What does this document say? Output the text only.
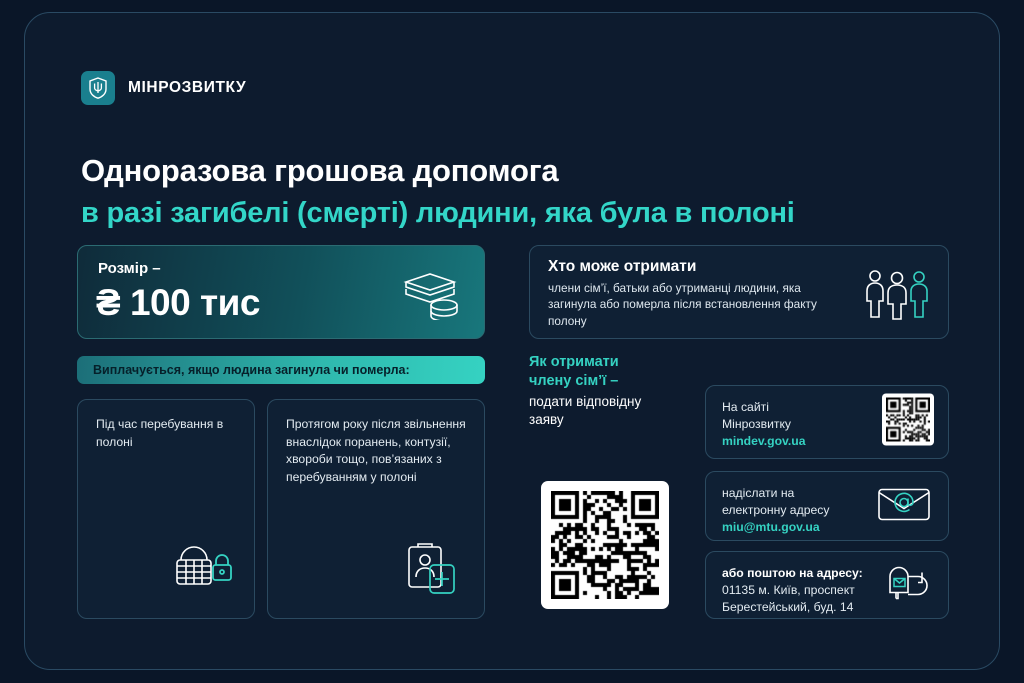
МІНРОЗВИТКУ
Одноразова грошова допомога
в разі загибелі (смерті) людини, яка була в полоні
Розмір –
₴ 100 тис
Хто може отримати
члени сім’ї, батьки або утриманці людини, яка загинула або померла після встановлення факту полону
Виплачується, якщо людина загинула чи померла:
Під час перебування в полоні
Протягом року після звільнення внаслідок поранень, контузії, хвороби тощо, пов’язаних з перебуванням у полоні
Як отримати
члену сім’ї –
подати відповідну заяву
На сайті
Мінрозвитку
mindev.gov.ua
надіслати на
електронну адресу
miu@mtu.gov.ua
або поштою на адресу:
01135 м. Київ, проспект
Берестейський, буд. 14
